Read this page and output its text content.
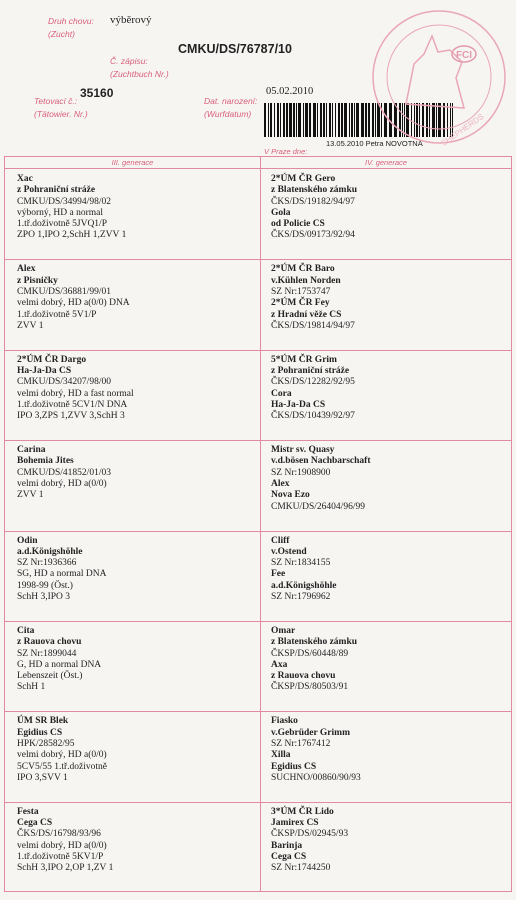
Druh chovu:
(Zucht)
výběrový
Č. zápisu:
(Zuchtbuch Nr.)
CMKU/DS/76787/10
Tetovací č.:
(Tätowier. Nr.)
35160
Dat. narození:
(Wurfdatum)
05.02.2010
13.05.2010 Petra NOVOTNÁ
V Praze dne:
FCI
SHEPHERDS
III. generace	IV. generace
Xac
z Pohraniční stráže
CMKU/DS/34994/98/02
výborný, HD a normal
1.tř.doživotně 5JVQ1/P
ZPO 1,IPO 2,SchH 1,ZVV 1
2*ÚM ČR Gero
z Blatenského zámku
ČKS/DS/19182/94/97
Gola
od Policie CS
ČKS/DS/09173/92/94
Alex
z Pisničky
CMKU/DS/36881/99/01
velmi dobrý, HD a(0/0) DNA
1.tř.doživotně 5V1/P
ZVV 1
2*ÚM ČR Baro
v.Kühlen Norden
SZ Nr:1753747
2*ÚM ČR Fey
z Hradní věže CS
ČKS/DS/19814/94/97
2*ÚM ČR Dargo
Ha-Ja-Da CS
CMKU/DS/34207/98/00
velmi dobrý, HD a fast normal
1.tř.doživotně 5CV1/N DNA
IPO 3,ZPS 1,ZVV 3,SchH 3
5*ÚM ČR Grim
z Pohraniční stráže
ČKS/DS/12282/92/95
Cora
Ha-Ja-Da CS
ČKS/DS/10439/92/97
Carina
Bohemia Jites
CMKU/DS/41852/01/03
velmi dobrý, HD a(0/0)
ZVV 1
Mistr sv. Quasy
v.d.bösen Nachbarschaft
SZ Nr:1908900
Alex
Nova Ezo
CMKU/DS/26404/96/99
Odin
a.d.Königshöhle
SZ Nr:1936366
SG, HD a normal DNA
1998-99 (Öst.)
SchH 3,IPO 3
Cliff
v.Ostend
SZ Nr:1834155
Fee
a.d.Königshöhle
SZ Nr:1796962
Cita
z Rauova chovu
SZ Nr:1899044
G, HD a normal DNA
Lebenszeit (Öst.)
SchH 1
Omar
z Blatenského zámku
ČKSP/DS/60448/89
Axa
z Rauova chovu
ČKSP/DS/80503/91
ÚM SR Blek
Egidius CS
HPK/28582/95
velmi dobrý, HD a(0/0)
5CV5/55 1.tř.doživotně
IPO 3,SVV 1
Fiasko
v.Gebrüder Grimm
SZ Nr:1767412
Xilla
Egidius CS
SUCHNO/00860/90/93
Festa
Cega CS
ČKS/DS/16798/93/96
velmi dobrý, HD a(0/0)
1.tř.doživotně 5KV1/P
SchH 3,IPO 2,OP 1,ZV 1
3*ÚM ČR Lido
Jamirex CS
ČKSP/DS/02945/93
Barinja
Cega CS
SZ Nr:1744250
